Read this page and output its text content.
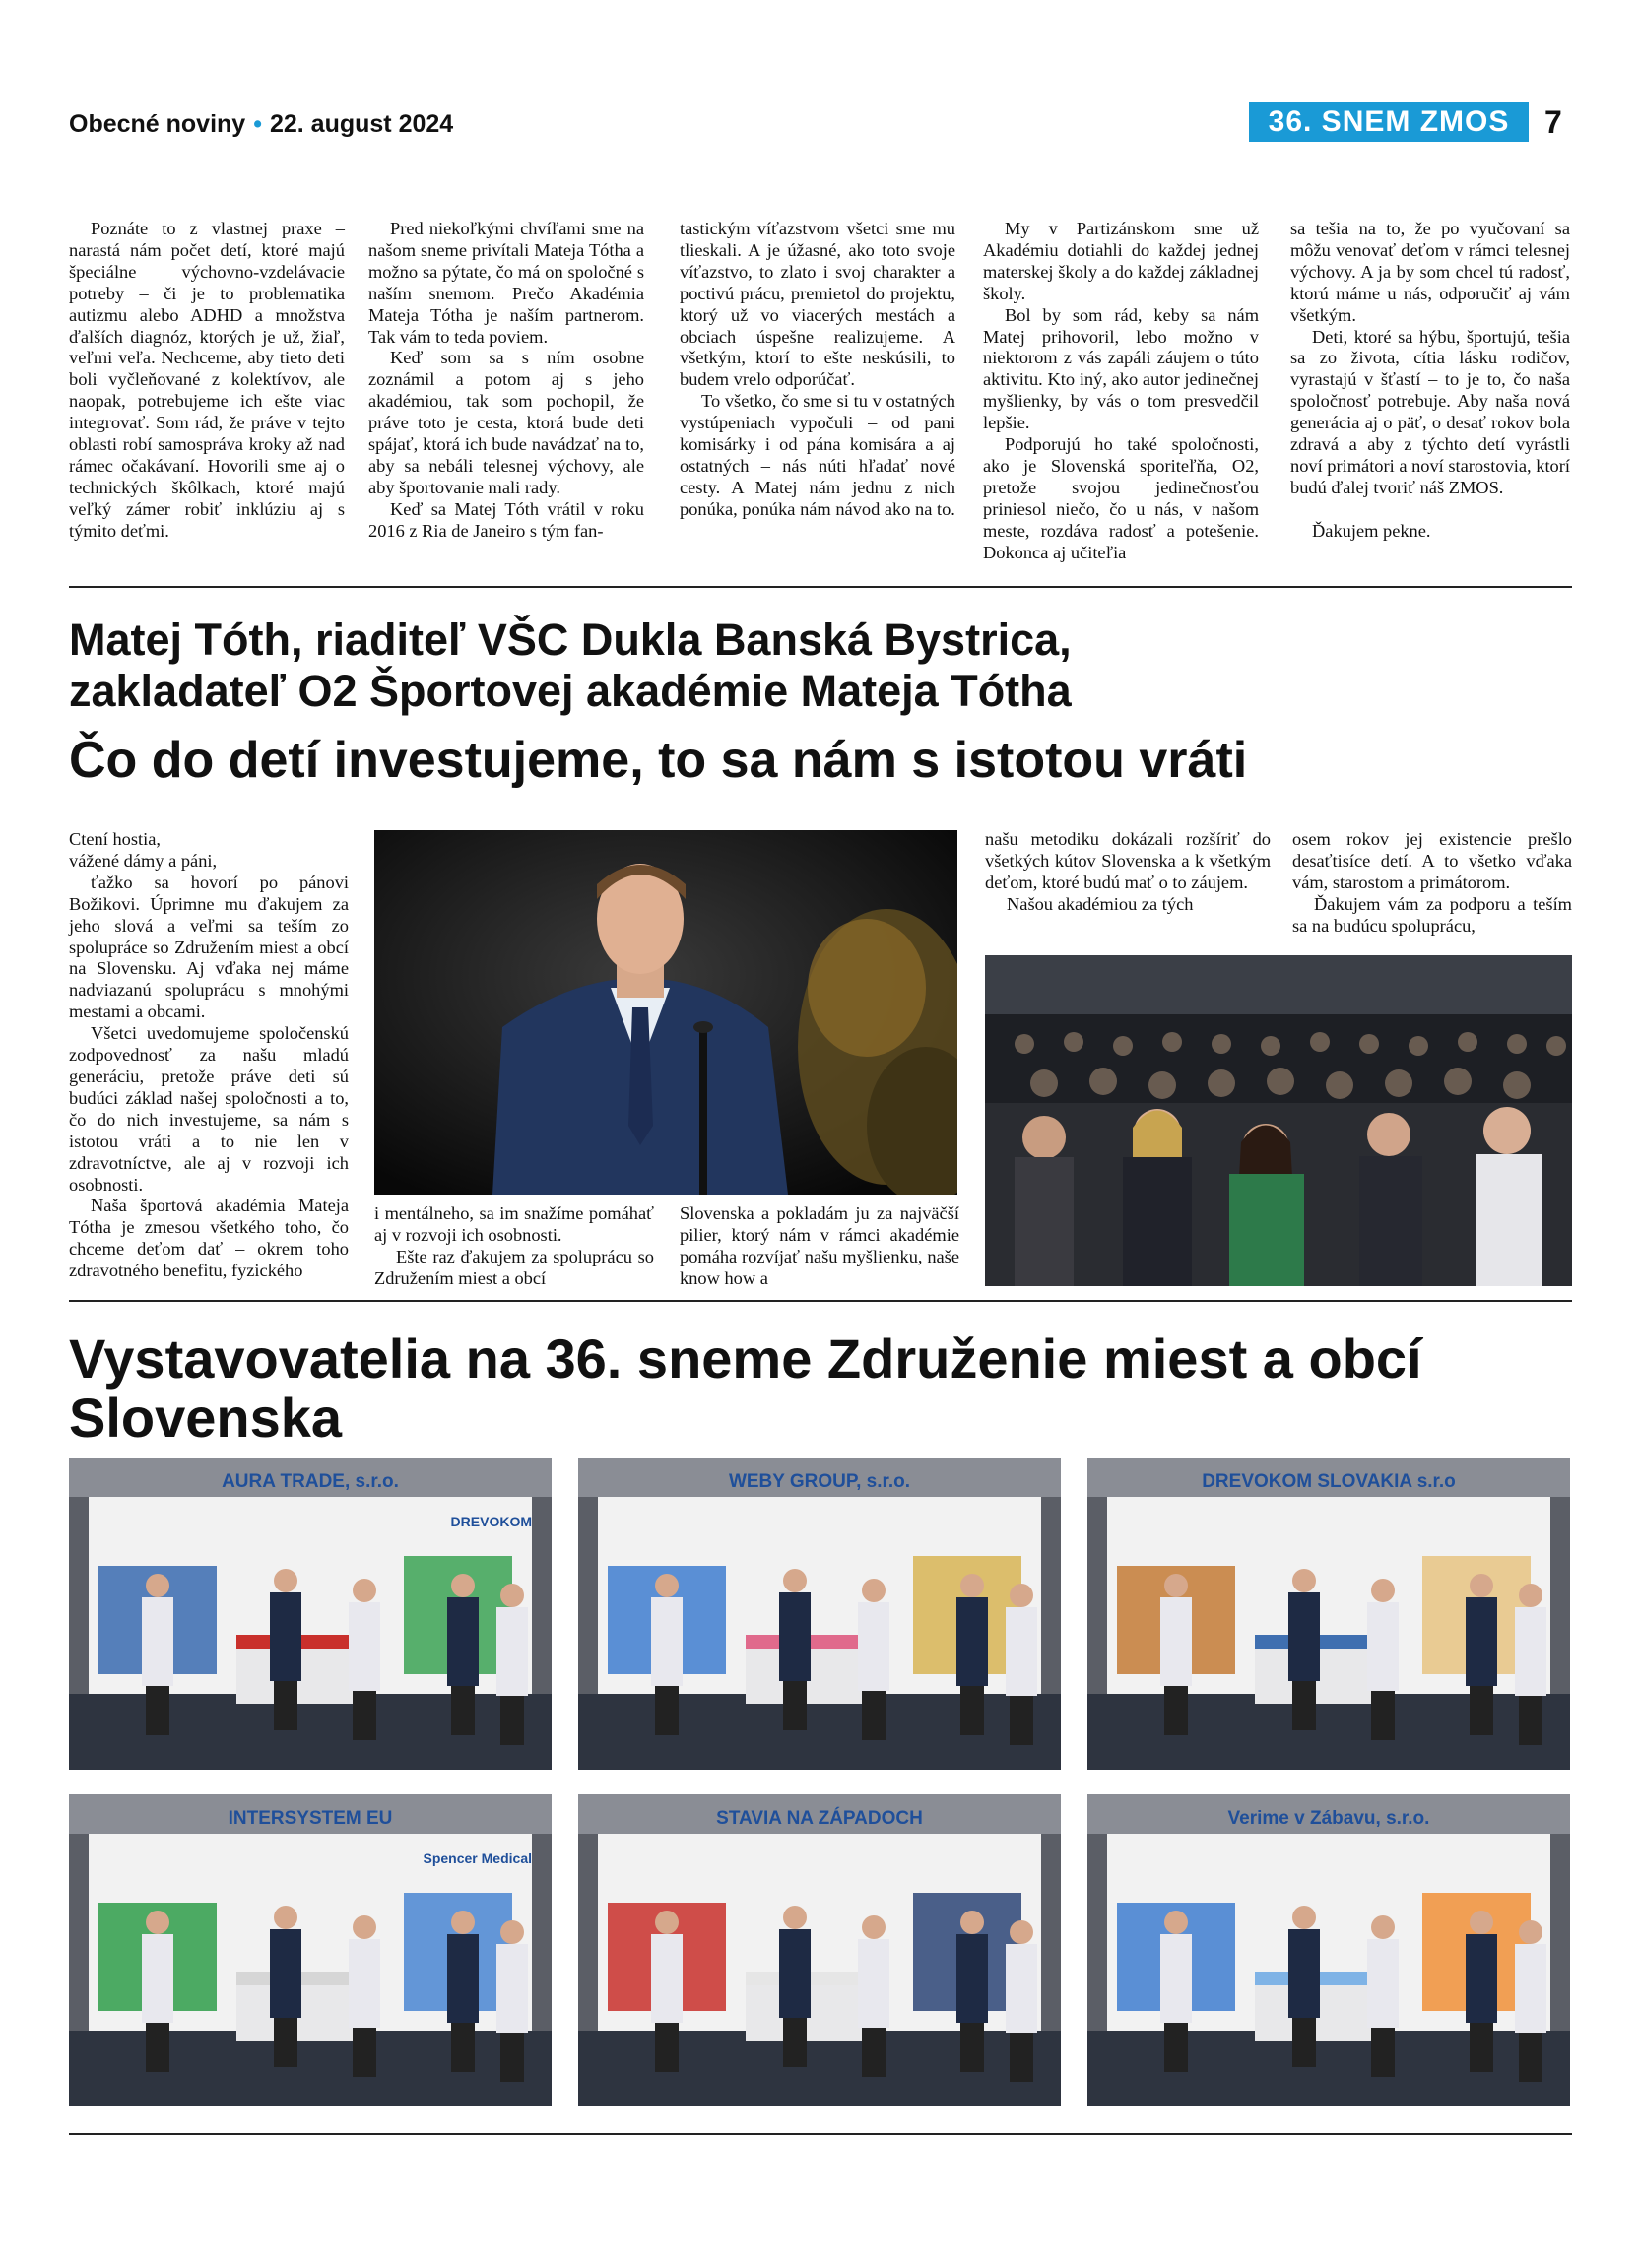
Obecné noviny • 22. august 2024	36. SNEM ZMOS	7

Poznáte to z vlastnej praxe – narastá nám počet detí, ktoré majú špeciálne výchovno-vzdelávacie potreby – či je to problematika autizmu alebo ADHD a množstva ďalších diagnóz, ktorých je už, žiaľ, veľmi veľa. Nechceme, aby tieto deti boli vyčleňované z kolektívov, ale naopak, potrebujeme ich ešte viac integrovať. Som rád, že práve v tejto oblasti robí samospráva kroky až nad rámec očakávaní. Hovorili sme aj o technických škôlkach, ktoré majú veľký zámer robiť inklúziu aj s týmito deťmi.

Pred niekoľkými chvíľami sme na našom sneme privítali Mateja Tótha a možno sa pýtate, čo má on spoločné s naším snemom. Prečo Akadémia Mateja Tótha je naším partnerom. Tak vám to teda poviem.

Keď som sa s ním osobne zoznámil a potom aj s jeho akadémiou, tak som pochopil, že práve toto je cesta, ktorá bude deti spájať, ktorá ich bude navádzať na to, aby sa nebáli telesnej výchovy, ale aby športovanie mali rady.

Keď sa Matej Tóth vrátil v roku 2016 z Ria de Janeiro s tým fan-

tastickým víťazstvom všetci sme mu tlieskali. A je úžasné, ako toto svoje víťazstvo, to zlato i svoj charakter a poctivú prácu, premietol do projektu, ktorý už vo viacerých mestách a obciach úspešne realizujeme. A všetkým, ktorí to ešte neskúsili, to budem vrelo odporúčať.

To všetko, čo sme si tu v ostatných vystúpeniach vypočuli – od pani komisárky i od pána komisára a aj ostatných – nás núti hľadať nové cesty. A Matej nám jednu z nich ponúka, ponúka nám návod ako na to.

My v Partizánskom sme už Akadémiu dotiahli do každej jednej materskej školy a do každej základnej školy.

Bol by som rád, keby sa nám Matej prihovoril, lebo možno v niektorom z vás zapáli záujem o túto aktivitu. Kto iný, ako autor jedinečnej myšlienky, by vás o tom presvedčil lepšie.

Podporujú ho také spoločnosti, ako je Slovenská sporiteľňa, O2, pretože svojou jedinečnosťou priniesol niečo, čo u nás, v našom meste, rozdáva radosť a potešenie. Dokonca aj učiteľia

sa tešia na to, že po vyučovaní sa môžu venovať deťom v rámci telesnej výchovy. A ja by som chcel tú radosť, ktorú máme u nás, odporučiť aj vám všetkým.

Deti, ktoré sa hýbu, športujú, tešia sa zo života, cítia lásku rodičov, vyrastajú v šťastí – to je to, čo naša spoločnosť potrebuje. Aby naša nová generácia aj o päť, o desať rokov bola zdravá a aby z týchto detí vyrástli noví primátori a noví starostovia, ktorí budú ďalej tvoriť náš ZMOS.

Ďakujem pekne.

Matej Tóth, riaditeľ VŠC Dukla Banská Bystrica,
zakladateľ O2 Športovej akadémie Mateja Tótha
Čo do detí investujeme, to sa nám s istotou vráti

Ctení hostia,

vážené dámy a páni,

ťažko sa hovorí po pánovi Božikovi. Úprimne mu ďakujem za jeho slová a veľmi sa teším zo spolupráce so Združením miest a obcí na Slovensku. Aj vďaka nej máme nadviazanú spoluprácu s mnohými mestami a obcami.

Všetci uvedomujeme spoločenskú zodpovednosť za našu mladú generáciu, pretože práve deti sú budúci základ našej spoločnosti a to, čo do nich investujeme, sa nám s istotou vráti a to nie len v zdravotníctve, ale aj v rozvoji ich osobnosti.

Naša športová akadémia Mateja Tótha je zmesou všetkého toho, čo chceme deťom dať – okrem toho zdravotného benefitu, fyzického

i mentálneho, sa im snažíme pomáhať aj v rozvoji ich osobnosti.

Ešte raz ďakujem za spoluprácu so Združením miest a obcí

Slovenska a pokladám ju za najväčší pilier, ktorý nám v rámci akadémie pomáha rozvíjať našu myšlienku, naše know how a

našu metodiku dokázali rozšíriť do všetkých kútov Slovenska a k všetkým deťom, ktoré budú mať o to záujem.

Našou akadémiou za tých

osem rokov jej existencie prešlo desaťtisíce detí. A to všetko vďaka vám, starostom a primátorom.

Ďakujem vám za podporu a teším sa na budúcu spoluprácu,

Vystavovatelia na 36. sneme Združenie miest a obcí Slovenska
AURA TRADE, s.r.o.
DREVOKOM
WEBY GROUP, s.r.o.	DREVOKOM SLOVAKIA s.r.o
INTERSYSTEM EU
Spencer Medical
STAVIA NA ZÁPADOCH	Verime v Zábavu, s.r.o.
